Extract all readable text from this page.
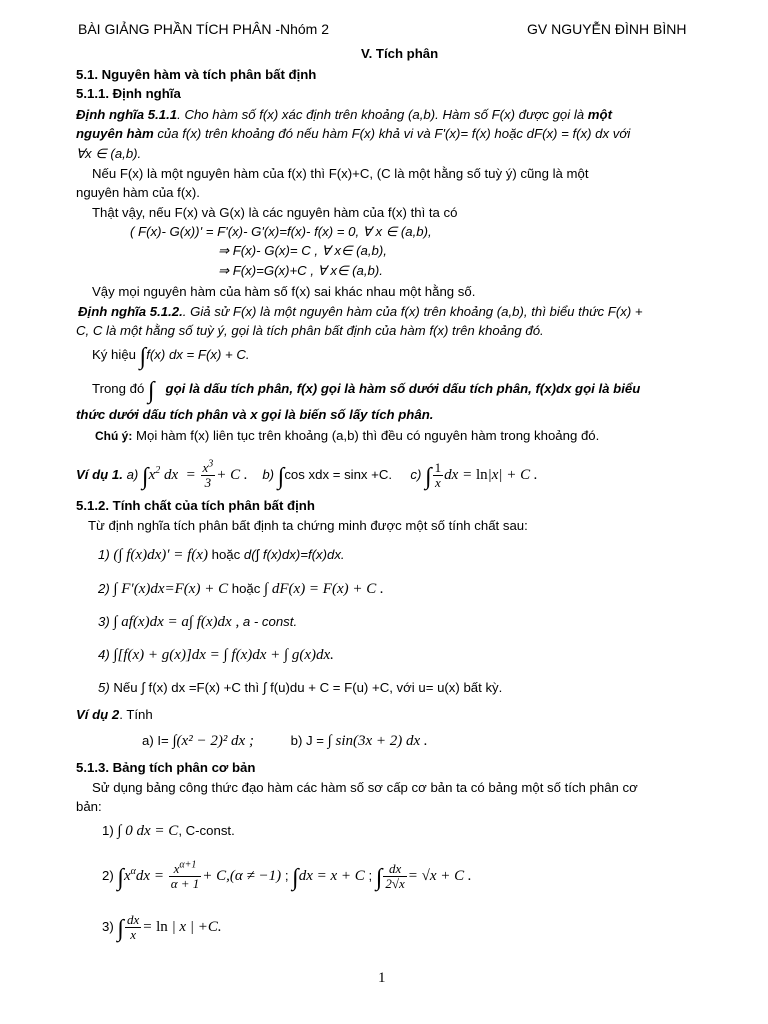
BÀI GIẢNG PHẦN TÍCH PHÂN -Nhóm 2	GV NGUYỄN ĐÌNH BÌNH
V. Tích phân
5.1. Nguyên hàm và tích phân bất định
5.1.1. Định nghĩa
Định nghĩa 5.1.1. Cho hàm số f(x) xác định trên khoảng (a,b). Hàm số F(x) được gọi là một
nguyên hàm của f(x) trên khoảng đó nếu hàm F(x) khả vi và F'(x)= f(x) hoặc dF(x) = f(x) dx với
∀x ∈ (a,b).
Nếu F(x) là một nguyên hàm của f(x) thì F(x)+C, (C là một hằng số tuỳ ý) cũng là một
nguyên hàm của f(x).
Thật vậy, nếu F(x) và G(x) là các nguyên hàm của f(x) thì ta có
( F(x)- G(x))' = F'(x)- G'(x)=f(x)- f(x) = 0, ∀ x ∈ (a,b),
⇒ F(x)- G(x)= C , ∀ x∈ (a,b),
⇒ F(x)=G(x)+C , ∀ x∈ (a,b).
Vậy mọi nguyên hàm của hàm số f(x) sai khác nhau một hằng số.
Định nghĩa 5.1.2.. Giả sử F(x) là một nguyên hàm của f(x) trên khoảng (a,b), thì biểu thức F(x) +
C, C là một hằng số tuỳ ý, gọi là tích phân bất định của hàm f(x) trên khoảng đó.
Ký hiệu ∫f(x) dx = F(x) + C.
Trong đó ∫ gọi là dấu tích phân, f(x) gọi là hàm số dưới dấu tích phân, f(x)dx gọi là biểu
thức dưới dấu tích phân và x gọi là biến số lấy tích phân.
Chú ý: Mọi hàm f(x) liên tục trên khoảng (a,b) thì đều có nguyên hàm trong khoảng đó.
Ví dụ 1. a) $\int x^2$ dx  = $\frac{x^3}{3} + C$ . b) ∫cos xdx = sinx +C. c) ∫ $\frac{1}{x}$ dx = ln|x| + C .
5.1.2. Tính chất của tích phân bất định
Từ định nghĩa tích phân bất định ta chứng minh được một số tính chất sau:
1) (∫ f(x)dx)′ = f(x) hoặc d(∫ f(x)dx)=f(x)dx.
2) ∫ F′(x)dx=F(x) + C hoặc ∫ dF(x) = F(x) + C .
3) ∫ af(x)dx = a∫ f(x)dx , a - const.
4) ∫[f(x) + g(x)]dx = ∫ f(x)dx + ∫ g(x)dx.
5) Nếu ∫ f(x) dx =F(x) +C thì ∫ f(u)du + C = F(u) +C, với u= u(x) bất kỳ.
Ví dụ 2. Tính
a) I= ∫(x² − 2)² dx ;	b) J = ∫ sin(3x + 2) dx .
5.1.3. Bảng tích phân cơ bản
Sử dụng bảng công thức đạo hàm các hàm số sơ cấp cơ bản ta có bảng một số tích phân cơ
bản:
1) ∫ 0 dx = C, C-const.
2) $\int x^\alpha dx = \frac{x^{\alpha+1}}{\alpha + 1} + C,(\alpha \ne -1)$ ; ∫dx = x + C ; ∫ $\frac{dx}{2√x} = √x + C$ .
3) ∫ $\frac{dx}{x} = \ln$ | x | +C.
1
